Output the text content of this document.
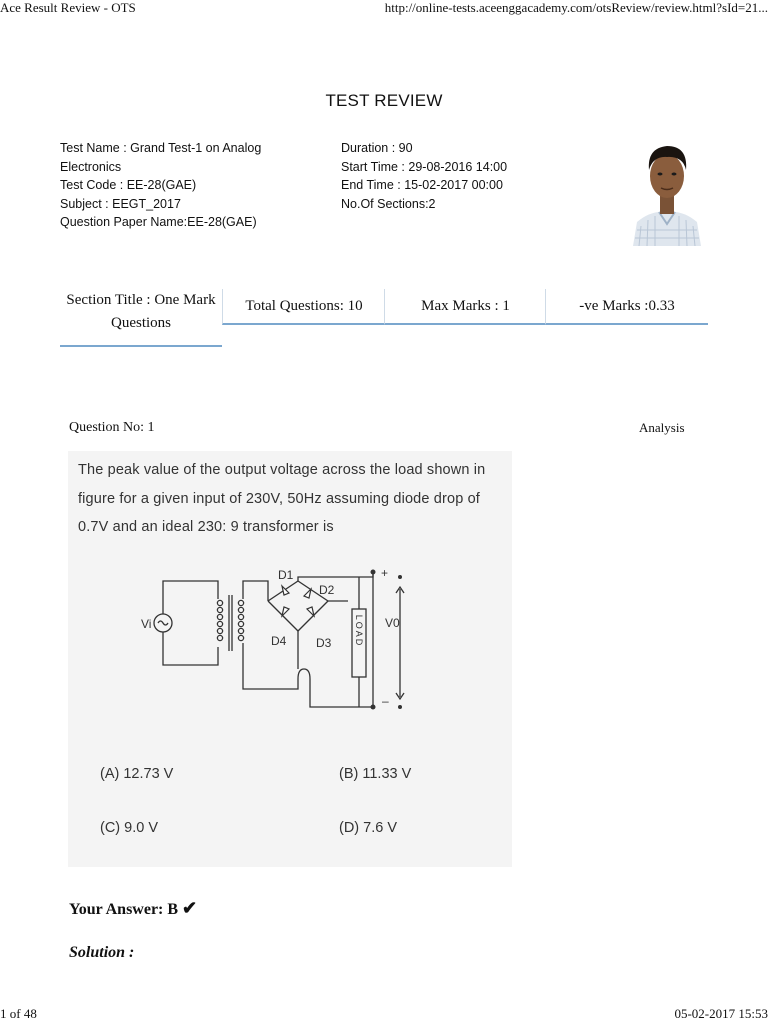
Ace Result Review - OTS	http://online-tests.aceenggacademy.com/otsReview/review.html?sId=21...
TEST REVIEW
Test Name : Grand Test-1 on Analog Electronics
Test Code : EE-28(GAE)
Subject : EEGT_2017
Question Paper Name:EE-28(GAE)
Duration : 90
Start Time : 29-08-2016 14:00
End Time : 15-02-2017 00:00
No.Of Sections:2
Section Title : One Mark Questions
Total Questions: 10	Max Marks : 1	-ve Marks :0.33
Question No: 1	Analysis
The peak value of the output voltage across the load shown in figure for a given input of 230V, 50Hz assuming diode drop of 0.7V and an ideal 230: 9 transformer is
Vi
D1
D2
D3
D4
V0
+
–
LOAD
(A) 12.73 V	(B) 11.33 V
(C) 9.0 V	(D) 7.6 V
Your Answer: B ✔
Solution :
1 of 48	05-02-2017 15:53
